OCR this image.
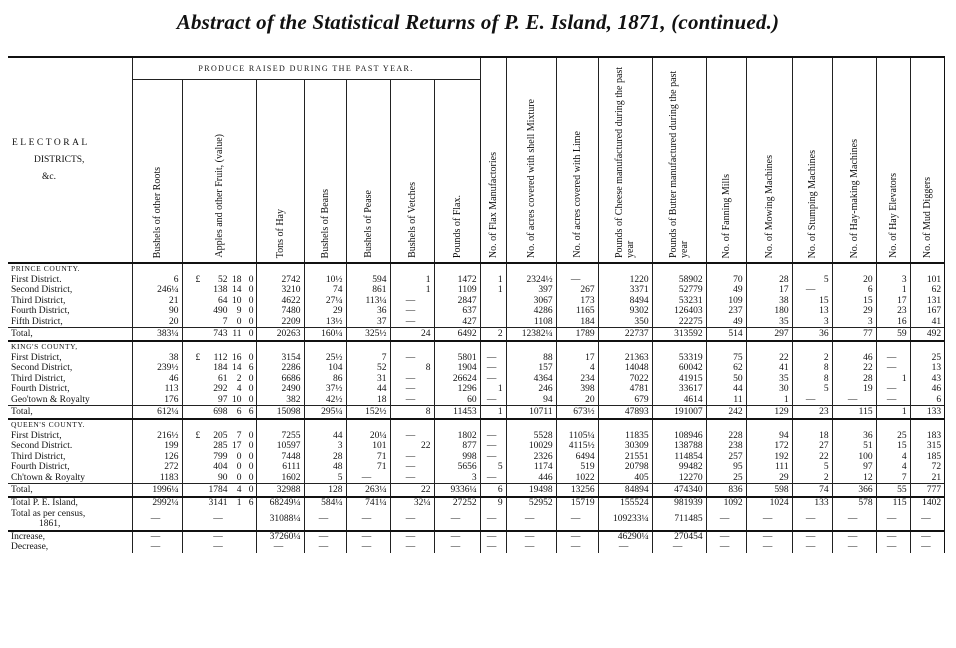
Abstract of the Statistical Returns of P. E. Island, 1871, (continued.)
ELECTORAL
DISTRICTS,
&c.	PRODUCE RAISED DURING THE PAST YEAR.							No. of Flax Manufactories	No. of acres covered with shell Mixture	No. of acres covered with Lime	Pounds of Cheese manufactured during the past year	Pounds of Butter manufactured during the past year	No. of Fanning Mills	No. of Mowing Machines	No. of Stumping Machines	No. of Hay-making Machines	No. of Hay Elevators	No. of Mud Diggers

	Bushels of other Roots	Apples and other Fruit, (value)	Tons of Hay	Bushels of Beans	Bushels of Pease	Bushels of Vetches	Pounds of Flax.											

PRINCE COUNTY.																		
First District.	6	£ 52 18 0	2742	10½	594	1	1472	1	2324½	—	1220	58902	70	28	5	20	3	101
Second District,	246¼	138 14 0	3210	74	861	1	1109	1	397	267	3371	52779	49	17	—	6	1	62
Third District,	21	64 10 0	4622	27¼	113¼	—	2847		3067	173	8494	53231	109	38	15	15	17	131
Fourth District,	90	490 9 0	7480	29	36	—	637		4286	1165	9302	126403	237	180	13	29	23	167
Fifth District,	20	7 0 0	2209	13½	37	—	427		1108	184	350	22275	49	35	3	3	16	41
Total,	383¼	743 11 0	20263	160¼	325½	24	6492	2	12382¼	1789	22737	313592	514	297	36	77	59	492
KING'S COUNTY,																		
First District,	38	£ 112 16 0	3154	25½	7	—	5801	—	88	17	21363	53319	75	22	2	46	—	25
Second District,	239½	184 14 6	2286	104	52	8	1904	—	157	4	14048	60042	62	41	8	22	—	13
Third District,	46	61 2 0	6686	86	31	—	26624	—	4364	234	7022	41915	50	35	8	28	1	43
Fourth District,	113	292 4 0	2490	37½	44	—	1296	1	246	398	4781	33617	44	30	5	19	—	46
Geo'town & Royalty	176	97 10 0	382	42½	18	—	60	—	94	20	679	4614	11	1	—	—	—	6
Total,	612¼	698 6 6	15098	295¼	152½	8	11453	1	10711	673½	47893	191007	242	129	23	115	1	133
QUEEN'S COUNTY.																		
First District,	216½	£ 205 7 0	7255	44	20¼	—	1802	—	5528	1105¼	11835	108946	228	94	18	36	25	183
Second District.	199	285 17 0	10597	3	101	22	877	—	10029	4115½	30309	138788	238	172	27	51	15	315
Third District,	126	799 0 0	7448	28	71	—	998	—	2326	6494	21551	114854	257	192	22	100	4	185
Fourth District,	272	404 0 0	6111	48	71	—	5656	5	1174	519	20798	99482	95	111	5	97	4	72
Ch'town & Royalty	1183	90 0 0	1602	5	—	—	3	—	446	1022	405	12270	25	29	2	12	7	21
Total,	1996¼	1784 4 0	32988	128	263¼	22	9336¼	6	19498	13256	84894	474340	836	598	74	366	55	777
Total P. E. Island,	2992¼	3141 1 6	68249¼	584¼	741¼	32¼	27252	9	52952	15719	155524	981939	1092	1024	133	578	115	1402

Total as per census,
1861,	—	—	31088¼	—	—	—	—	—	—	—	109233¼	711485	—	—	—	—	—	—
Increase,	—	—	37260¼	—	—	—	—	—	—	—	46290¼	270454	—	—	—	—	—	—
Decrease,	—	—	—	—	—	—	—	—	—	—	—	—	—	—	—	—	—	—
